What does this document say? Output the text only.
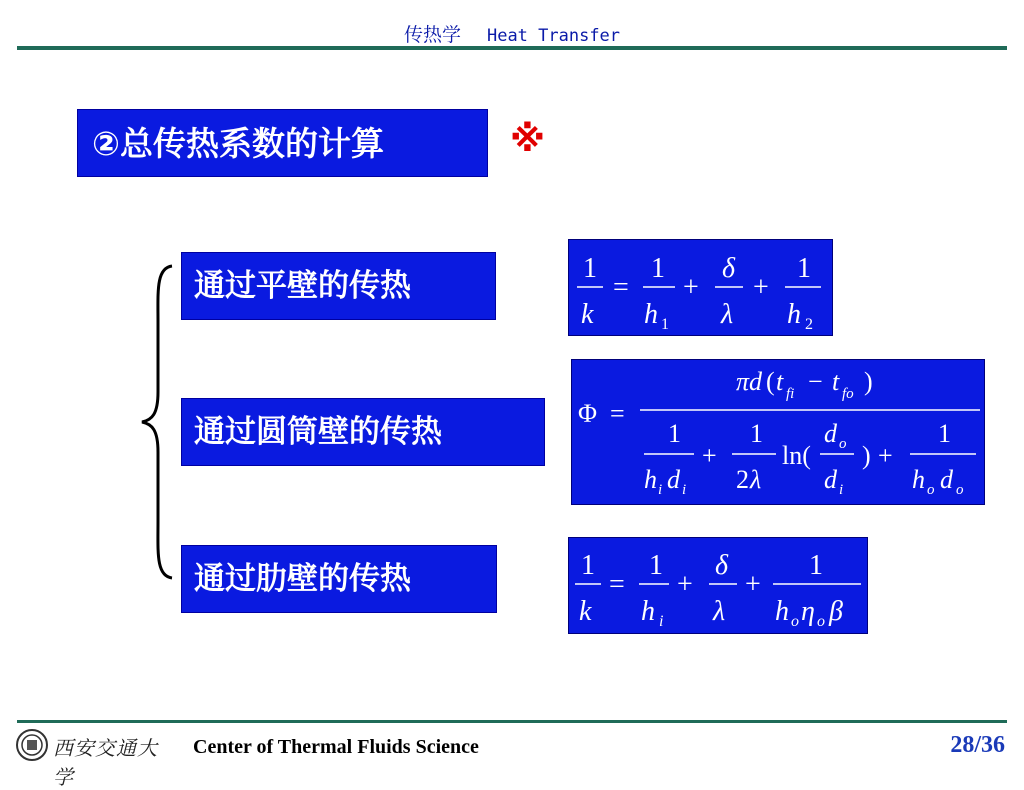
传热学 Heat Transfer
②总传热系数的计算	※
通过平壁的传热
通过圆筒壁的传热
通过肋壁的传热
1
k
=
1
h 1
+
δ
λ
+
1
h 2
Φ =
πd ( t fi − t fo )
1
h i d i
+
1
2 λ
ln(
d o
d i
) +
1
h o d o
1
k
=
1
h i
+
δ
λ
+
1
h o η o β
西安交通大学
Center of Thermal Fluids Science	28/36
